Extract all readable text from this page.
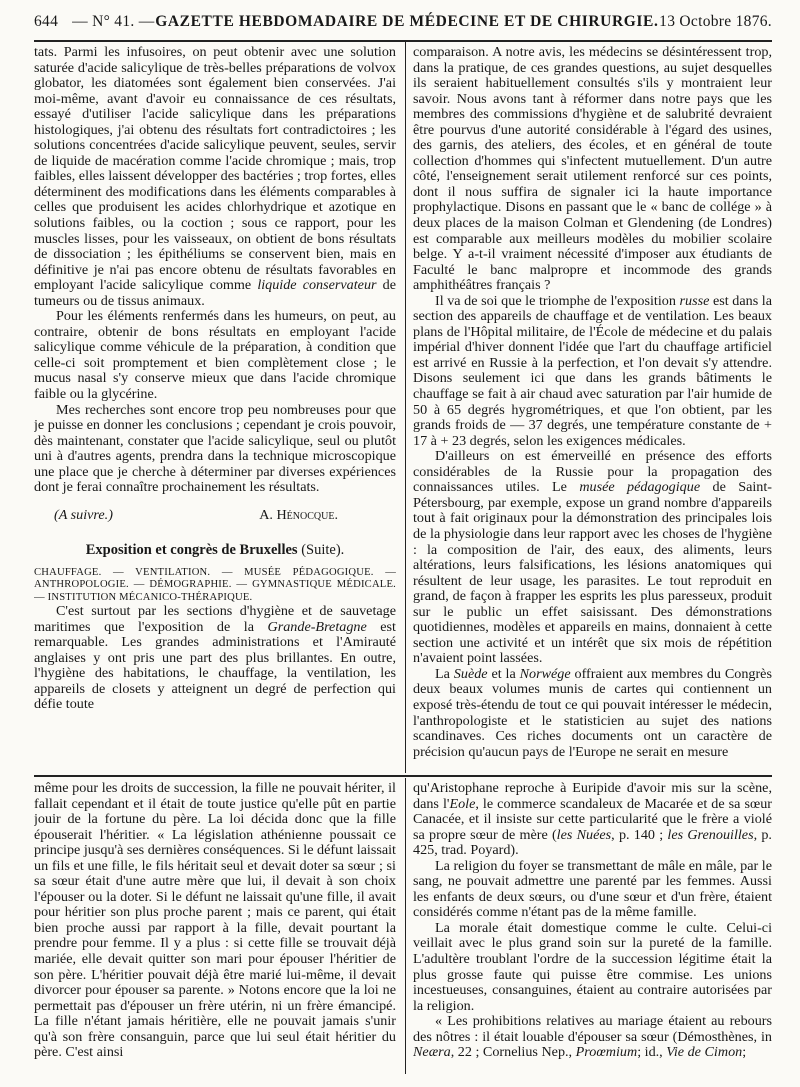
644 — N° 41. — GAZETTE HEBDOMADAIRE DE MÉDECINE ET DE CHIRURGIE. 13 Octobre 1876.

tats. Parmi les infusoires, on peut obtenir avec une solution saturée d'acide salicylique de très-belles préparations de volvox globator, les diatomées sont également bien conservées. J'ai moi-même, avant d'avoir eu connaissance de ces résultats, essayé d'utiliser l'acide salicylique dans les préparations histologiques, j'ai obtenu des résultats fort contradictoires ; les solutions concentrées d'acide salicylique peuvent, seules, servir de liquide de macération comme l'acide chromique ; mais, trop faibles, elles laissent développer des bactéries ; trop fortes, elles déterminent des modifications dans les éléments comparables à celles que produisent les acides chlorhydrique et azotique en solutions faibles, ou la coction ; sous ce rapport, pour les muscles lisses, pour les vaisseaux, on obtient de bons résultats de dissociation ; les épithéliums se conservent bien, mais en définitive je n'ai pas encore obtenu de résultats favorables en employant l'acide salicylique comme liquide conservateur de tumeurs ou de tissus animaux.

Pour les éléments renfermés dans les humeurs, on peut, au contraire, obtenir de bons résultats en employant l'acide salicylique comme véhicule de la préparation, à condition que celle-ci soit promptement et bien complètement close ; le mucus nasal s'y conserve mieux que dans l'acide chromique faible ou la glycérine.

Mes recherches sont encore trop peu nombreuses pour que je puisse en donner les conclusions ; cependant je crois pouvoir, dès maintenant, constater que l'acide salicylique, seul ou plutôt uni à d'autres agents, prendra dans la technique microscopique une place que je cherche à déterminer par diverses expériences dont je ferai connaître prochainement les résultats.

(A suivre.)	A. Hénocque.
Exposition et congrès de Bruxelles (Suite).

CHAUFFAGE. — VENTILATION. — MUSÉE PÉDAGOGIQUE. — ANTHROPOLOGIE. — DÉMOGRAPHIE. — GYMNASTIQUE MÉDICALE. — INSTITUTION MÉCANICO-THÉRAPIQUE.

C'est surtout par les sections d'hygiène et de sauvetage maritimes que l'exposition de la Grande-Bretagne est remarquable. Les grandes administrations et l'Amirauté anglaises y ont pris une part des plus brillantes. En outre, l'hygiène des habitations, le chauffage, la ventilation, les appareils de closets y atteignent un degré de perfection qui défie toute

comparaison. A notre avis, les médecins se désintéressent trop, dans la pratique, de ces grandes questions, au sujet desquelles ils seraient habituellement consultés s'ils y montraient leur savoir. Nous avons tant à réformer dans notre pays que les membres des commissions d'hygiène et de salubrité devraient être pourvus d'une autorité considérable à l'égard des usines, des garnis, des ateliers, des écoles, et en général de toute collection d'hommes qui s'infectent mutuellement. D'un autre côté, l'enseignement serait utilement renforcé sur ces points, dont il nous suffira de signaler ici la haute importance prophylactique. Disons en passant que le « banc de collége » à deux places de la maison Colman et Glendening (de Londres) est comparable aux meilleurs modèles du mobilier scolaire belge. Y a-t-il vraiment nécessité d'imposer aux étudiants de Faculté le banc malpropre et incommode des grands amphithéâtres français ?

Il va de soi que le triomphe de l'exposition russe est dans la section des appareils de chauffage et de ventilation. Les beaux plans de l'Hôpital militaire, de l'École de médecine et du palais impérial d'hiver donnent l'idée que l'art du chauffage artificiel est arrivé en Russie à la perfection, et l'on devait s'y attendre. Disons seulement ici que dans les grands bâtiments le chauffage se fait à air chaud avec saturation par l'air humide de 50 à 65 degrés hygrométriques, et que l'on obtient, par les grands froids de — 37 degrés, une température constante de + 17 à + 23 degrés, selon les exigences médicales.

D'ailleurs on est émerveillé en présence des efforts considérables de la Russie pour la propagation des connaissances utiles. Le musée pédagogique de Saint-Pétersbourg, par exemple, expose un grand nombre d'appareils tout à fait originaux pour la démonstration des principales lois de la physiologie dans leur rapport avec les choses de l'hygiène : la composition de l'air, des eaux, des aliments, leurs altérations, leurs falsifications, les lésions anatomiques qui résultent de leur usage, les parasites. Le tout reproduit en grand, de façon à frapper les esprits les plus paresseux, produit sur le public un effet saisissant. Des démonstrations quotidiennes, modèles et appareils en mains, donnaient à cette section une activité et un intérêt que six mois de répétition n'avaient point lassées.

La Suède et la Norwége offraient aux membres du Congrès deux beaux volumes munis de cartes qui contiennent un exposé très-étendu de tout ce qui pouvait intéresser le médecin, l'anthropologiste et le statisticien au sujet des nations scandinaves. Ces riches documents ont un caractère de précision qu'aucun pays de l'Europe ne serait en mesure

même pour les droits de succession, la fille ne pouvait hériter, il fallait cependant et il était de toute justice qu'elle pût en partie jouir de la fortune du père. La loi décida donc que la fille épouserait l'héritier. « La législation athénienne poussait ce principe jusqu'à ses dernières conséquences. Si le défunt laissait un fils et une fille, le fils héritait seul et devait doter sa sœur ; si sa sœur était d'une autre mère que lui, il devait à son choix l'épouser ou la doter. Si le défunt ne laissait qu'une fille, il avait pour héritier son plus proche parent ; mais ce parent, qui était bien proche aussi par rapport à la fille, devait pourtant la prendre pour femme. Il y a plus : si cette fille se trouvait déjà mariée, elle devait quitter son mari pour épouser l'héritier de son père. L'héritier pouvait déjà être marié lui-même, il devait divorcer pour épouser sa parente. » Notons encore que la loi ne permettait pas d'épouser un frère utérin, ni un frère émancipé. La fille n'étant jamais héritière, elle ne pouvait jamais s'unir qu'à son frère consanguin, parce que lui seul était héritier du père. C'est ainsi

qu'Aristophane reproche à Euripide d'avoir mis sur la scène, dans l'Eole, le commerce scandaleux de Macarée et de sa sœur Canacée, et il insiste sur cette particularité que le frère a violé sa propre sœur de mère (les Nuées, p. 140 ; les Grenouilles, p. 425, trad. Poyard).

La religion du foyer se transmettant de mâle en mâle, par le sang, ne pouvait admettre une parenté par les femmes. Aussi les enfants de deux sœurs, ou d'une sœur et d'un frère, étaient considérés comme n'étant pas de la même famille.

La morale était domestique comme le culte. Celui-ci veillait avec le plus grand soin sur la pureté de la famille. L'adultère troublant l'ordre de la succession légitime était la plus grosse faute qui puisse être commise. Les unions incestueuses, consanguines, étaient au contraire autorisées par la religion.

« Les prohibitions relatives au mariage étaient au rebours des nôtres : il était louable d'épouser sa sœur (Démosthènes, in Neæra, 22 ; Cornelius Nep., Proœmium; id., Vie de Cimon;
